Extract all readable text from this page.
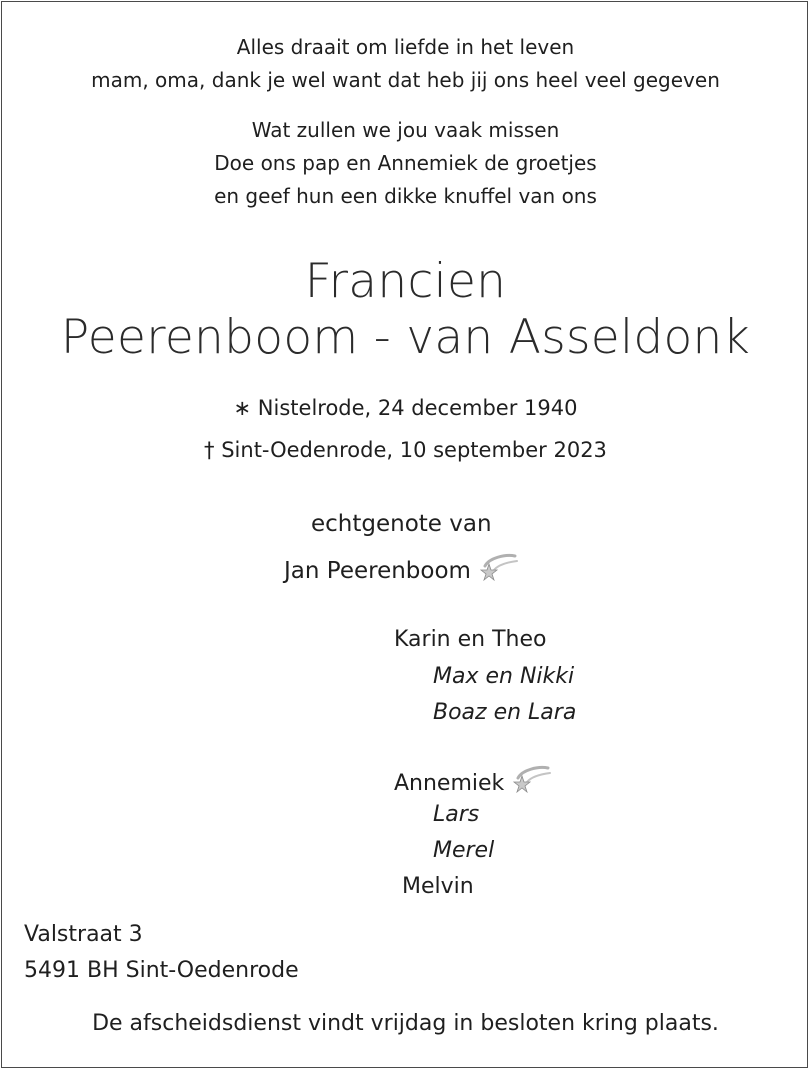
Alles draait om liefde in het leven
mam, oma, dank je wel want dat heb jij ons heel veel gegeven
Wat zullen we jou vaak missen
Doe ons pap en Annemiek de groetjes
en geef hun een dikke knuffel van ons
Francien
Peerenboom - van Asseldonk
∗ Nistelrode, 24 december 1940
† Sint-Oedenrode, 10 september 2023
echtgenote van
Jan Peerenboom
Karin en Theo
Max en Nikki
Boaz en Lara
Annemiek
Lars
Merel
Melvin
Valstraat 3
5491 BH Sint-Oedenrode
De afscheidsdienst vindt vrijdag in besloten kring plaats.
